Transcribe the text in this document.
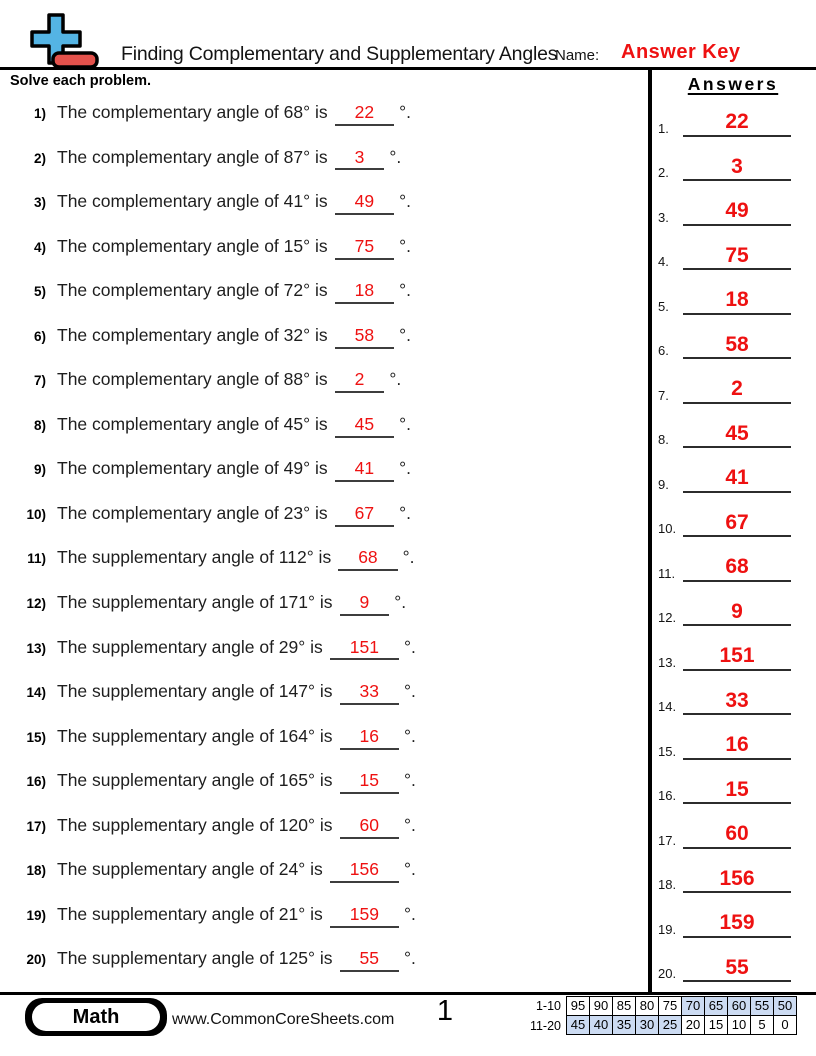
Finding Complementary and Supplementary Angles
Name: Answer Key
Solve each problem.
1) The complementary angle of 68° is 22 °.
2) The complementary angle of 87° is 3 °.
3) The complementary angle of 41° is 49 °.
4) The complementary angle of 15° is 75 °.
5) The complementary angle of 72° is 18 °.
6) The complementary angle of 32° is 58 °.
7) The complementary angle of 88° is 2 °.
8) The complementary angle of 45° is 45 °.
9) The complementary angle of 49° is 41 °.
10) The complementary angle of 23° is 67 °.
11) The supplementary angle of 112° is 68 °.
12) The supplementary angle of 171° is 9 °.
13) The supplementary angle of 29° is 151 °.
14) The supplementary angle of 147° is 33 °.
15) The supplementary angle of 164° is 16 °.
16) The supplementary angle of 165° is 15 °.
17) The supplementary angle of 120° is 60 °.
18) The supplementary angle of 24° is 156 °.
19) The supplementary angle of 21° is 159 °.
20) The supplementary angle of 125° is 55 °.
Answers
1.	22
2.	3
3.	49
4.	75
5.	18
6.	58
7.	2
8.	45
9.	41
10.	67
11.	68
12.	9
13.	151
14.	33
15.	16
16.	15
17.	60
18.	156
19.	159
20.	55
Math	www.CommonCoreSheets.com	1	1-10 95 90 85 80 75 70 65 60 55 50
11-20 45 40 35 30 25 20 15 10 5	0
